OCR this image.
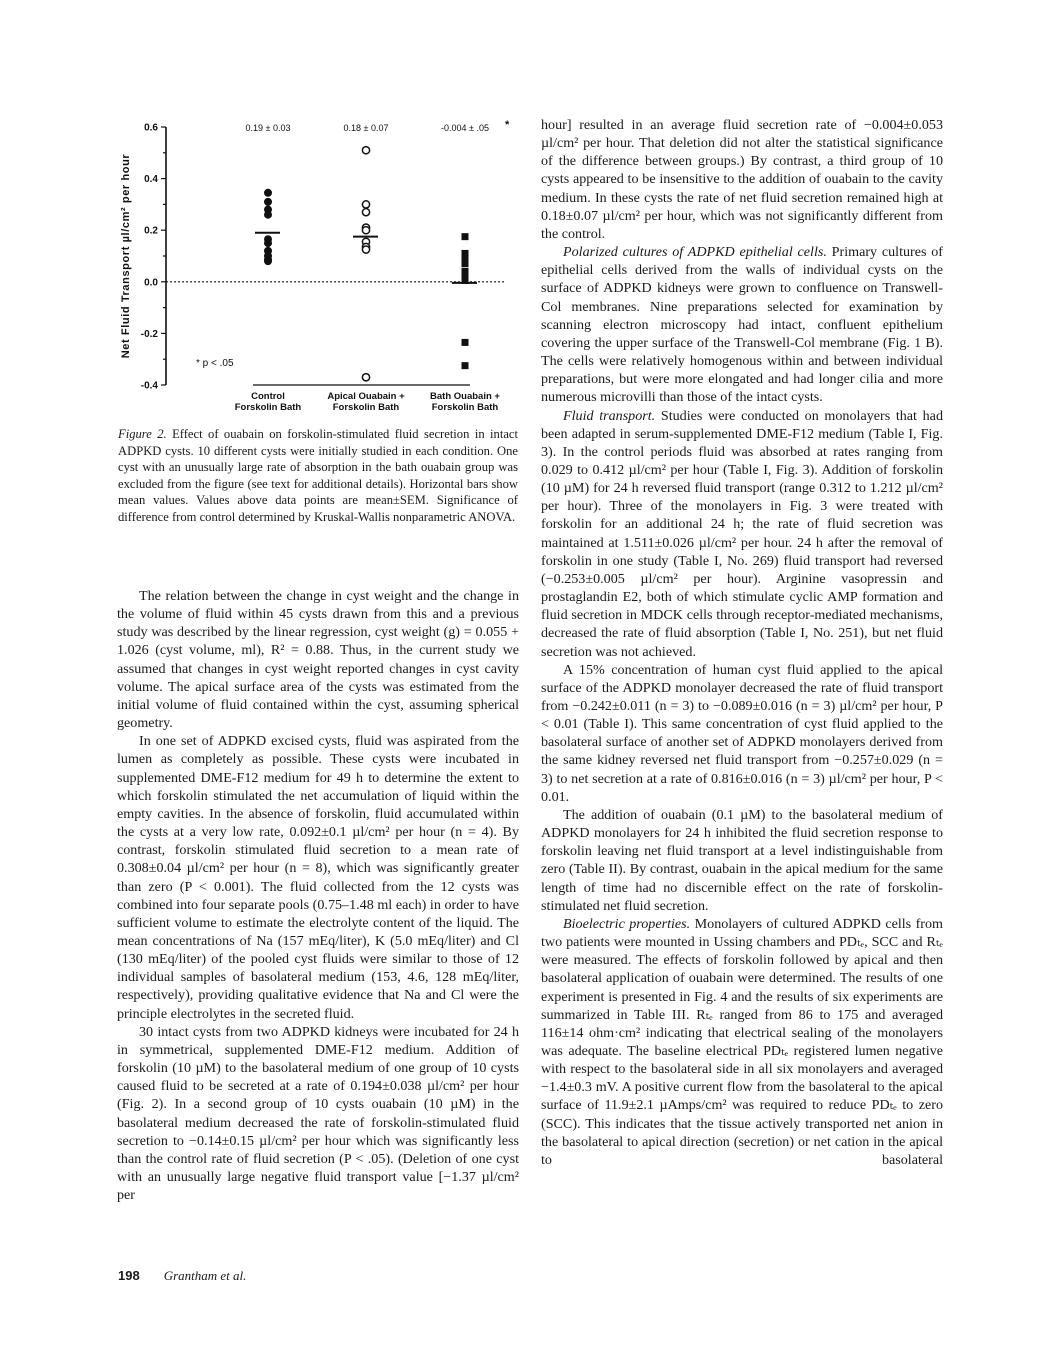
0.6
0.4
0.2
0.0
-0.2
-0.4
Net Fluid Transport µl/cm² per hour
* p < .05
0.19 ± 0.03
Control
Forskolin Bath
0.18 ± 0.07
Apical Ouabain +
Forskolin Bath
-0.004 ± .05 *
Bath Ouabain +
Forskolin Bath
Figure 2. Effect of ouabain on forskolin-stimulated fluid secretion in intact ADPKD cysts. 10 different cysts were initially studied in each condition. One cyst with an unusually large rate of absorption in the bath ouabain group was excluded from the figure (see text for additional details). Horizontal bars show mean values. Values above data points are mean±SEM. Significance of difference from control determined by Kruskal-Wallis nonparametric ANOVA.

The relation between the change in cyst weight and the change in the volume of fluid within 45 cysts drawn from this and a previous study was described by the linear regression, cyst weight (g) = 0.055 + 1.026 (cyst volume, ml), R² = 0.88. Thus, in the current study we assumed that changes in cyst weight reported changes in cyst cavity volume. The apical surface area of the cysts was estimated from the initial volume of fluid contained within the cyst, assuming spherical geometry.

In one set of ADPKD excised cysts, fluid was aspirated from the lumen as completely as possible. These cysts were incubated in supplemented DME-F12 medium for 49 h to determine the extent to which forskolin stimulated the net accumulation of liquid within the empty cavities. In the absence of forskolin, fluid accumulated within the cysts at a very low rate, 0.092±0.1 µl/cm² per hour (n = 4). By contrast, forskolin stimulated fluid secretion to a mean rate of 0.308±0.04 µl/cm² per hour (n = 8), which was significantly greater than zero (P < 0.001). The fluid collected from the 12 cysts was combined into four separate pools (0.75–1.48 ml each) in order to have sufficient volume to estimate the electrolyte content of the liquid. The mean concentrations of Na (157 mEq/liter), K (5.0 mEq/liter) and Cl (130 mEq/liter) of the pooled cyst fluids were similar to those of 12 individual samples of basolateral medium (153, 4.6, 128 mEq/liter, respectively), providing qualitative evidence that Na and Cl were the principle electrolytes in the secreted fluid.

30 intact cysts from two ADPKD kidneys were incubated for 24 h in symmetrical, supplemented DME-F12 medium. Addition of forskolin (10 µM) to the basolateral medium of one group of 10 cysts caused fluid to be secreted at a rate of 0.194±0.038 µl/cm² per hour (Fig. 2). In a second group of 10 cysts ouabain (10 µM) in the basolateral medium decreased the rate of forskolin-stimulated fluid secretion to −0.14±0.15 µl/cm² per hour which was significantly less than the control rate of fluid secretion (P < .05). (Deletion of one cyst with an unusually large negative fluid transport value [−1.37 µl/cm² per

hour] resulted in an average fluid secretion rate of −0.004±0.053 µl/cm² per hour. That deletion did not alter the statistical significance of the difference between groups.) By contrast, a third group of 10 cysts appeared to be insensitive to the addition of ouabain to the cavity medium. In these cysts the rate of net fluid secretion remained high at 0.18±0.07 µl/cm² per hour, which was not significantly different from the control.

Polarized cultures of ADPKD epithelial cells. Primary cultures of epithelial cells derived from the walls of individual cysts on the surface of ADPKD kidneys were grown to confluence on Transwell-Col membranes. Nine preparations selected for examination by scanning electron microscopy had intact, confluent epithelium covering the upper surface of the Transwell-Col membrane (Fig. 1 B). The cells were relatively homogenous within and between individual preparations, but were more elongated and had longer cilia and more numerous microvilli than those of the intact cysts.

Fluid transport. Studies were conducted on monolayers that had been adapted in serum-supplemented DME-F12 medium (Table I, Fig. 3). In the control periods fluid was absorbed at rates ranging from 0.029 to 0.412 µl/cm² per hour (Table I, Fig. 3). Addition of forskolin (10 µM) for 24 h reversed fluid transport (range 0.312 to 1.212 µl/cm² per hour). Three of the monolayers in Fig. 3 were treated with forskolin for an additional 24 h; the rate of fluid secretion was maintained at 1.511±0.026 µl/cm² per hour. 24 h after the removal of forskolin in one study (Table I, No. 269) fluid transport had reversed (−0.253±0.005 µl/cm² per hour). Arginine vasopressin and prostaglandin E2, both of which stimulate cyclic AMP formation and fluid secretion in MDCK cells through receptor-mediated mechanisms, decreased the rate of fluid absorption (Table I, No. 251), but net fluid secretion was not achieved.

A 15% concentration of human cyst fluid applied to the apical surface of the ADPKD monolayer decreased the rate of fluid transport from −0.242±0.011 (n = 3) to −0.089±0.016 (n = 3) µl/cm² per hour, P < 0.01 (Table I). This same concentration of cyst fluid applied to the basolateral surface of another set of ADPKD monolayers derived from the same kidney reversed net fluid transport from −0.257±0.029 (n = 3) to net secretion at a rate of 0.816±0.016 (n = 3) µl/cm² per hour, P < 0.01.

The addition of ouabain (0.1 µM) to the basolateral medium of ADPKD monolayers for 24 h inhibited the fluid secretion response to forskolin leaving net fluid transport at a level indistinguishable from zero (Table II). By contrast, ouabain in the apical medium for the same length of time had no discernible effect on the rate of forskolin-stimulated net fluid secretion.

Bioelectric properties. Monolayers of cultured ADPKD cells from two patients were mounted in Ussing chambers and PDₜₑ, SCC and Rₜₑ were measured. The effects of forskolin followed by apical and then basolateral application of ouabain were determined. The results of one experiment is presented in Fig. 4 and the results of six experiments are summarized in Table III. Rₜₑ ranged from 86 to 175 and averaged 116±14 ohm·cm² indicating that electrical sealing of the monolayers was adequate. The baseline electrical PDₜₑ registered lumen negative with respect to the basolateral side in all six monolayers and averaged −1.4±0.3 mV. A positive current flow from the basolateral to the apical surface of 11.9±2.1 µAmps/cm² was required to reduce PDₜₑ to zero (SCC). This indicates that the tissue actively transported net anion in the basolateral to apical direction (secretion) or net cation in the apical to basolateral

198 Grantham et al.
